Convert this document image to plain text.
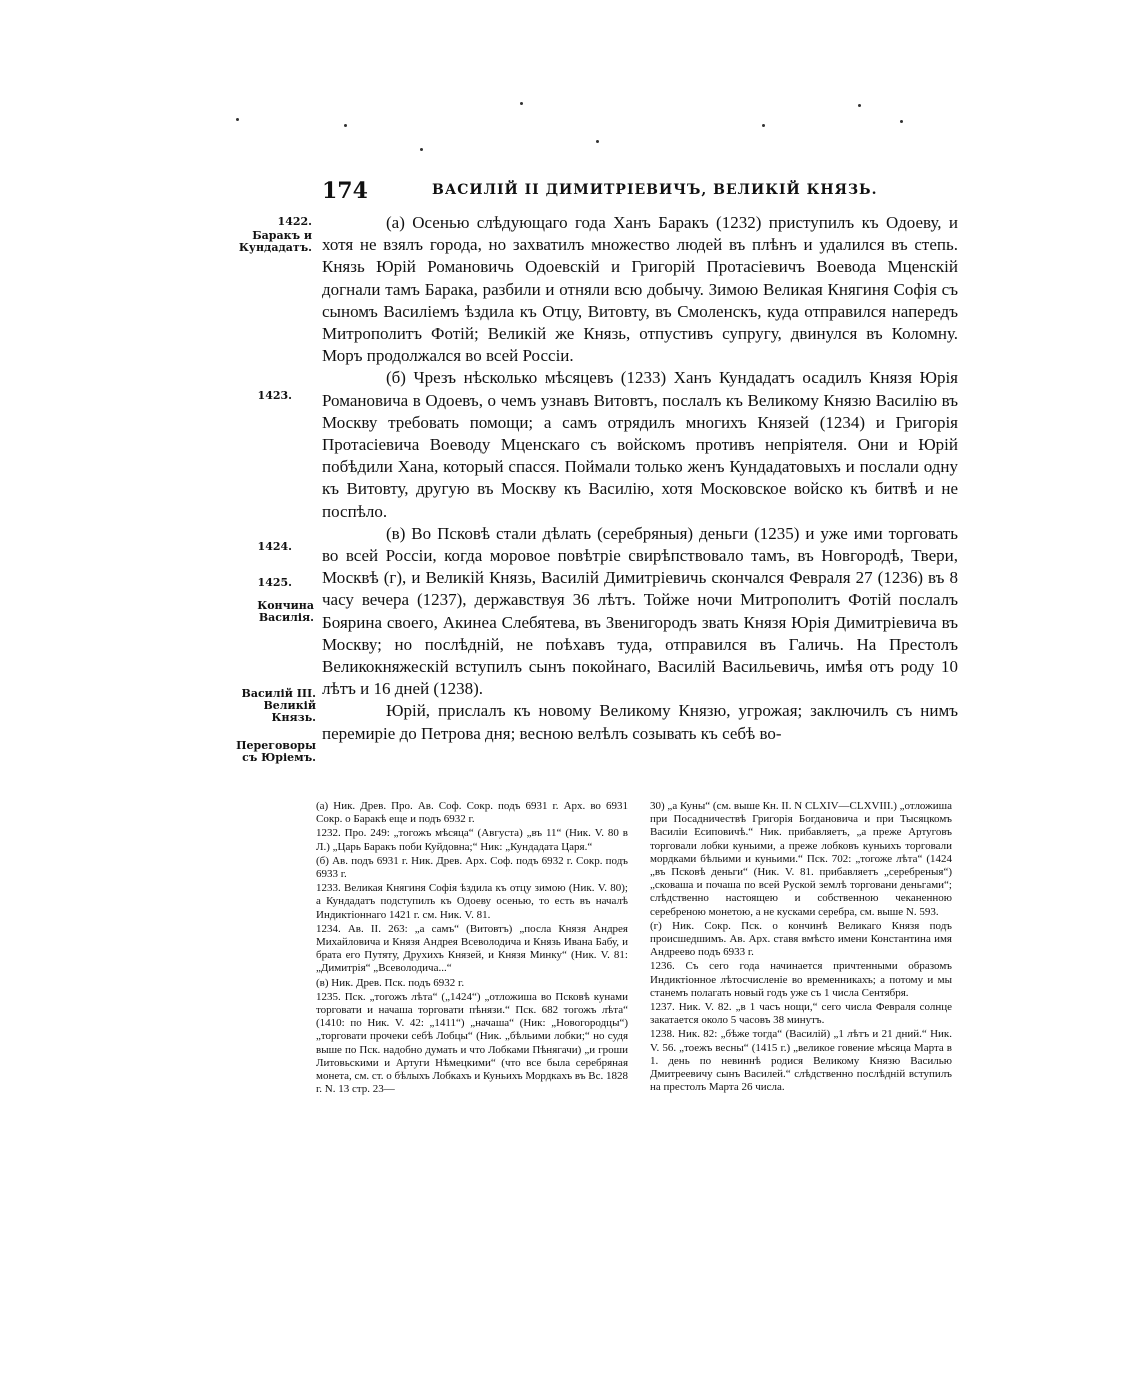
174	ВАСИЛІЙ II ДИМИТРІЕВИЧЪ, ВЕЛИКІЙ КНЯЗЬ.
1422.
Баракъ и Кундадатъ.
1423.
1424.
1425.
Кончина Василія.
Василій III. Великій Князь.
Переговоры съ Юріемъ.

(а) Осенью слѣдующаго года Ханъ Баракъ (1232) приступилъ къ Одоеву, и хотя не взялъ города, но захватилъ множество людей въ плѣнъ и удалился въ степь. Князь Юрій Романовичь Одоевскій и Григорій Протасіевичъ Воевода Мценскій догнали тамъ Барака, разбили и отняли всю добычу. Зимою Великая Княгиня Софія съ сыномъ Василіемъ ѣздила къ Отцу, Витовту, въ Смоленскъ, куда отправился напередъ Митрополитъ Фотій; Великій же Князь, отпустивъ супругу, двинулся въ Коломну. Моръ продолжался во всей Россіи.

(б) Чрезъ нѣсколько мѣсяцевъ (1233) Ханъ Кундадатъ осадилъ Князя Юрія Романовича в Одоевъ, о чемъ узнавъ Витовтъ, послалъ къ Великому Князю Василію въ Москву требовать помощи; а самъ отрядилъ многихъ Князей (1234) и Григорія Протасіевича Воеводу Мценскаго съ войскомъ противъ непріятеля. Они и Юрій побѣдили Хана, который спасся. Поймали только женъ Кундадатовыхъ и послали одну къ Витовту, другую въ Москву къ Василію, хотя Московское войско къ битвѣ и не поспѣло.

(в) Во Псковѣ стали дѣлать (серебряныя) деньги (1235) и уже ими торговать во всей Россіи, когда моровое повѣтріе свирѣпствовало тамъ, въ Новгородѣ, Твери, Москвѣ (г), и Великій Князь, Василій Димитріевичь скончался Февраля 27 (1236) въ 8 часу вечера (1237), державствуя 36 лѣтъ. Тойже ночи Митрополитъ Фотій послалъ Боярина своего, Акинеа Слебятева, въ Звенигородъ звать Князя Юрія Димитріевича въ Москву; но послѣдній, не поѣхавъ туда, отправился въ Галичь. На Престолъ Великокняжескій вступилъ сынъ покойнаго, Василій Васильевичь, имѣя отъ роду 10 лѣтъ и 16 дней (1238).

Юрій, прислалъ къ новому Великому Князю, угрожая; заключилъ съ нимъ перемиріе до Петрова дня; весною велѣлъ созывать къ себѣ во-

(а) Ник. Древ. Про. Ав. Соф. Сокр. подъ 6931 г. Арх. во 6931 Сокр. о Баракѣ еще и подъ 6932 г.

1232. Про. 249: „тогожъ мѣсяца“ (Августа) „въ 11“ (Ник. V. 80 в Л.) „Царь Баракъ поби Куйдовна;“ Ник: „Кундадата Царя.“

(б) Ав. подъ 6931 г. Ник. Древ. Арх. Соф. подъ 6932 г. Сокр. подъ 6933 г.

1233. Великая Княгиня Софія ѣздила къ отцу зимою (Ник. V. 80); а Кундадатъ подступилъ къ Одоеву осенью, то есть въ началѣ Индиктіоннаго 1421 г. см. Ник. V. 81.

1234. Ав. II. 263: „а самъ“ (Витовтъ) „посла Князя Андрея Михайловича и Князя Андрея Всеволодича и Князь Ивана Бабу, и брата его Путяту, Друхихъ Князей, и Князя Минку“ (Ник. V. 81: „Димитрія“ „Всеволодича...“

(в) Ник. Древ. Пск. подъ 6932 г.

1235. Пск. „тогожъ лѣта“ („1424“) „отложиша во Псковѣ кунами торговати и начаша торговати пѣнязи.“ Пск. 682 тогожъ лѣта“ (1410: по Ник. V. 42: „1411“) „начаша“ (Ник: „Новогородцы“) „торговати прочеки себѣ Лобцы“ (Ник. „бѣльими лобки;“ но судя выше по Пск. надобно думать и что Лобками Пѣнягачи) „и гроши Литовьскими и Артуги Нѣмецкими“ (что все была серебряная монета, см. ст. о бѣлыхъ Лобкахъ и Куньихъ Мордкахъ въ Вс. 1828 г. N. 13 стр. 23—

30) „а Куны“ (см. выше Кн. II. N CLXIV—CLXVIII.) „отложиша при Посадничествѣ Григорія Богдановича и при Тысяцкомъ Василіи Есиповичѣ.“ Ник. прибавляетъ, „а преже Артуговъ торговали лобки куньими, а преже лобковъ куньихъ торговали мордками бѣльими и куньими.“ Пск. 702: „тогоже лѣта“ (1424 „въ Псковѣ деньги“ (Ник. V. 81. прибавляетъ „серебреныя“) „сковаша и почаша по всей Руской землѣ торговани деньгами“; слѣдственно настоящею и собственною чеканенною серебреною монетою, а не кусками серебра, см. выше N. 593.

(г) Ник. Сокр. Пск. о кончинѣ Великаго Князя подъ происшедшимъ. Ав. Арх. ставя вмѣсто имени Константина имя Андреево подъ 6933 г.

1236. Съ сего года начинается причтенными образомъ Индиктіонное лѣтосчисленіе во временникахъ; а потому и мы станемъ полагать новый годъ уже съ 1 числа Сентября.

1237. Ник. V. 82. „в 1 часъ нощи,“ сего числа Февраля солнце закатается около 5 часовъ 38 минутъ.

1238. Ник. 82: „бѣже тогда“ (Василій) „1 лѣтъ и 21 дний.“ Ник. V. 56. „тоежъ весны“ (1415 г.) „великое говение мѣсяца Марта в 1. день по невиннѣ родися Великому Князю Василью Дмитреевичу сынъ Василей.“ слѣдственно послѣдній вступилъ на престолъ Марта 26 числа.
